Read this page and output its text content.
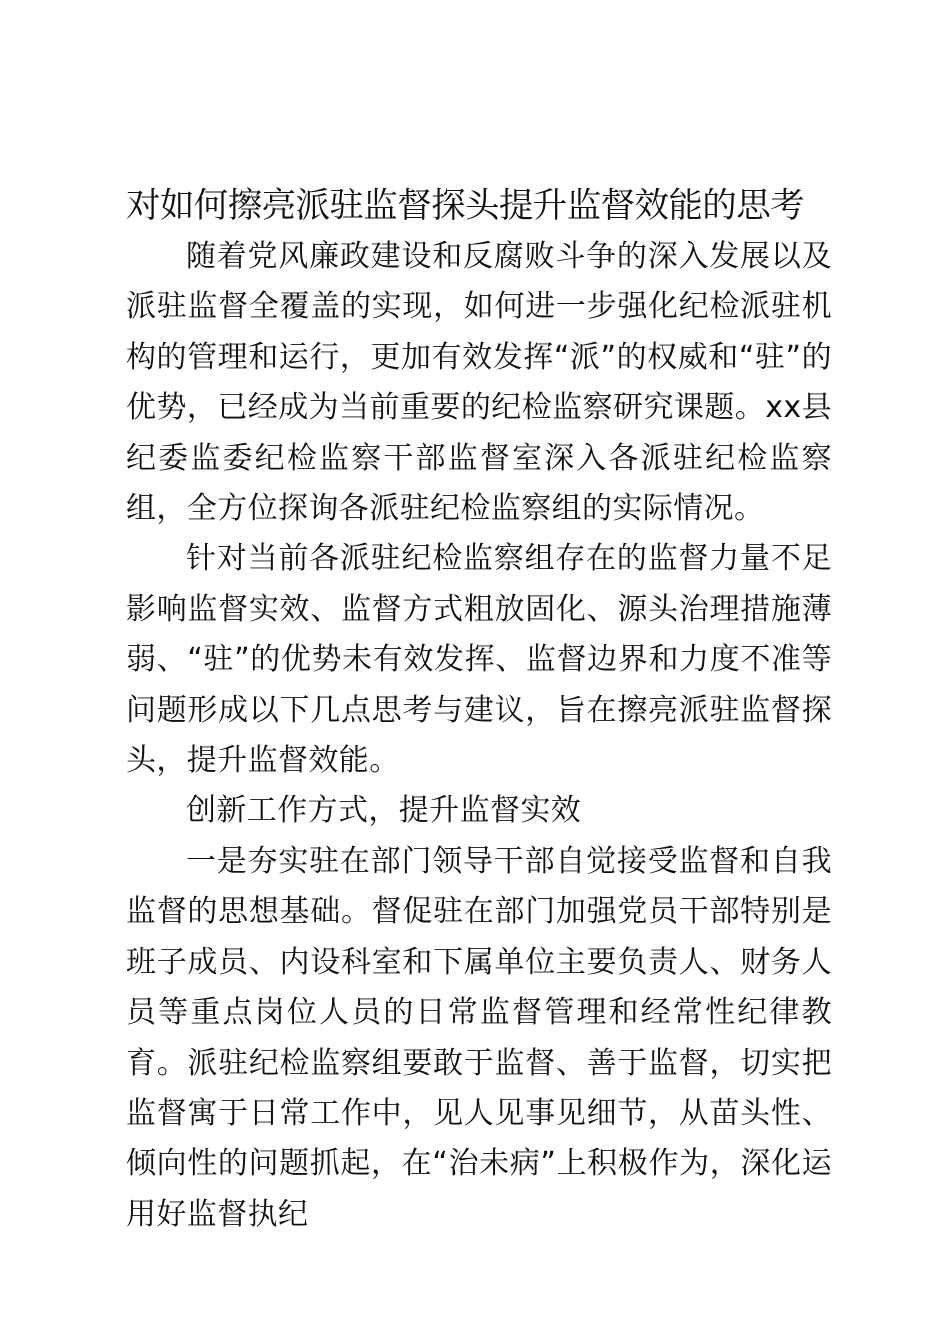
对如何擦亮派驻监督探头提升监督效能的思考

随着党风廉政建设和反腐败斗争的深入发展以及派驻监督全覆盖的实现，如何进一步强化纪检派驻机构的管理和运行，更加有效发挥“派”的权威和“驻”的优势，已经成为当前重要的纪检监察研究课题。xx县纪委监委纪检监察干部监督室深入各派驻纪检监察组，全方位探询各派驻纪检监察组的实际情况。

针对当前各派驻纪检监察组存在的监督力量不足影响监督实效、监督方式粗放固化、源头治理措施薄弱、“驻”的优势未有效发挥、监督边界和力度不准等问题形成以下几点思考与建议，旨在擦亮派驻监督探头，提升监督效能。

创新工作方式，提升监督实效

一是夯实驻在部门领导干部自觉接受监督和自我监督的思想基础。督促驻在部门加强党员干部特别是班子成员、内设科室和下属单位主要负责人、财务人员等重点岗位人员的日常监督管理和经常性纪律教育。派驻纪检监察组要敢于监督、善于监督，切实把监督寓于日常工作中，见人见事见细节，从苗头性、倾向性的问题抓起，在“治未病”上积极作为，深化运用好监督执纪
